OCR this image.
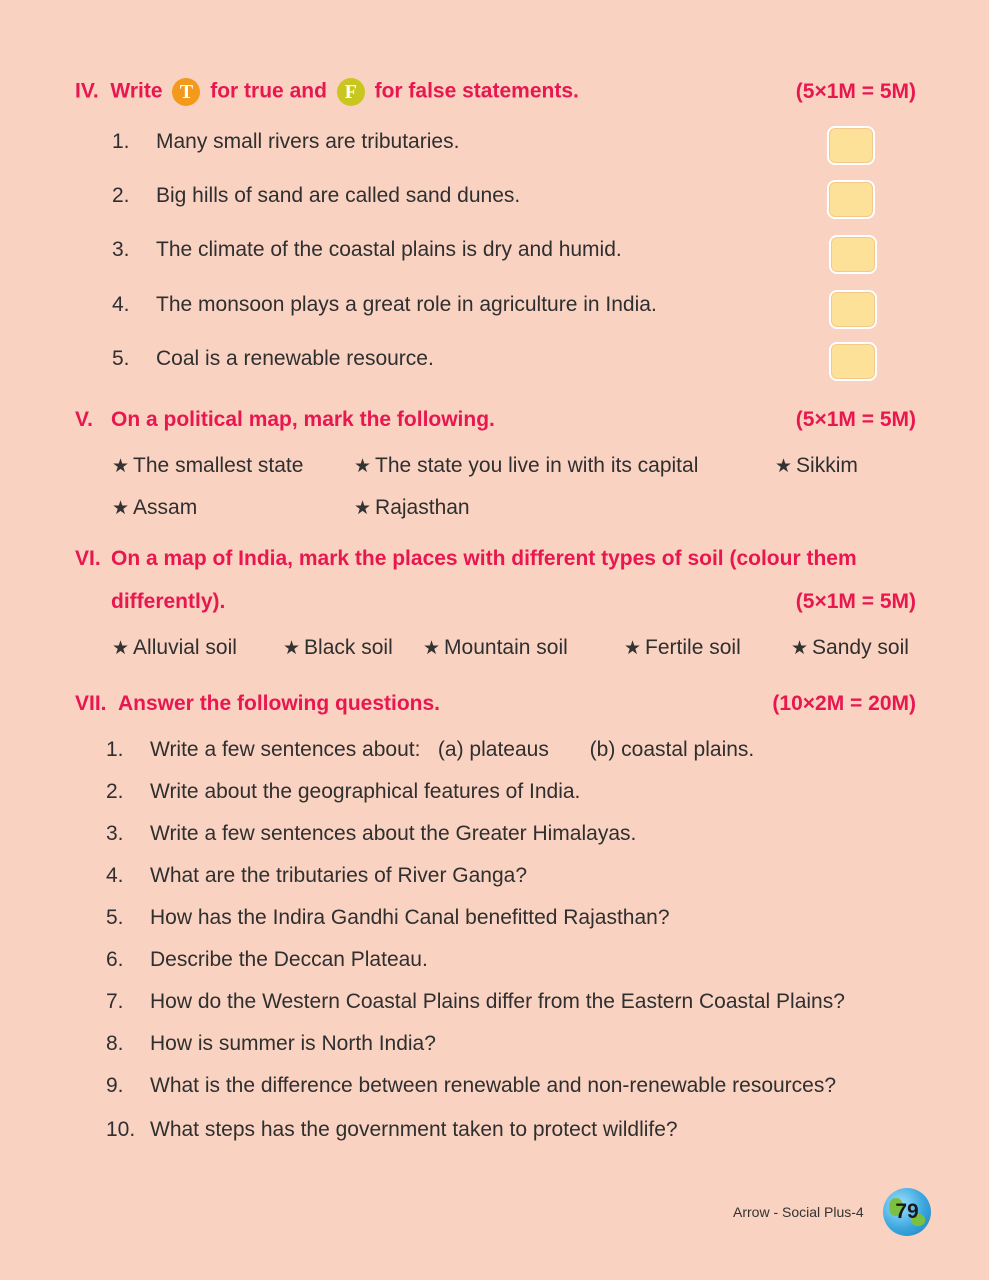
IV. Write T for true and F for false statements.	(5×1M = 5M)
1. Many small rivers are tributaries.
2. Big hills of sand are called sand dunes.
3. The climate of the coastal plains is dry and humid.
4. The monsoon plays a great role in agriculture in India.
5. Coal is a renewable resource.
V. On a political map, mark the following.	(5×1M = 5M)
★ The smallest state	★ The state you live in with its capital	★ Sikkim
★ Assam	★ Rajasthan
VI. On a map of India, mark the places with different types of soil (colour them
differently).	(5×1M = 5M)
★ Alluvial soil ★ Black soil ★ Mountain soil	★ Fertile soil	★ Sandy soil
VII. Answer the following questions.	(10×2M = 20M)
1. Write a few sentences about:   (a) plateaus       (b) coastal plains.
2. Write about the geographical features of India.
3. Write a few sentences about the Greater Himalayas.
4. What are the tributaries of River Ganga?
5. How has the Indira Gandhi Canal benefitted Rajasthan?
6. Describe the Deccan Plateau.
7. How do the Western Coastal Plains differ from the Eastern Coastal Plains?
8. How is summer is North India?
9. What is the difference between renewable and non-renewable resources?
10. What steps has the government taken to protect wildlife?
Arrow - Social Plus-4	79
